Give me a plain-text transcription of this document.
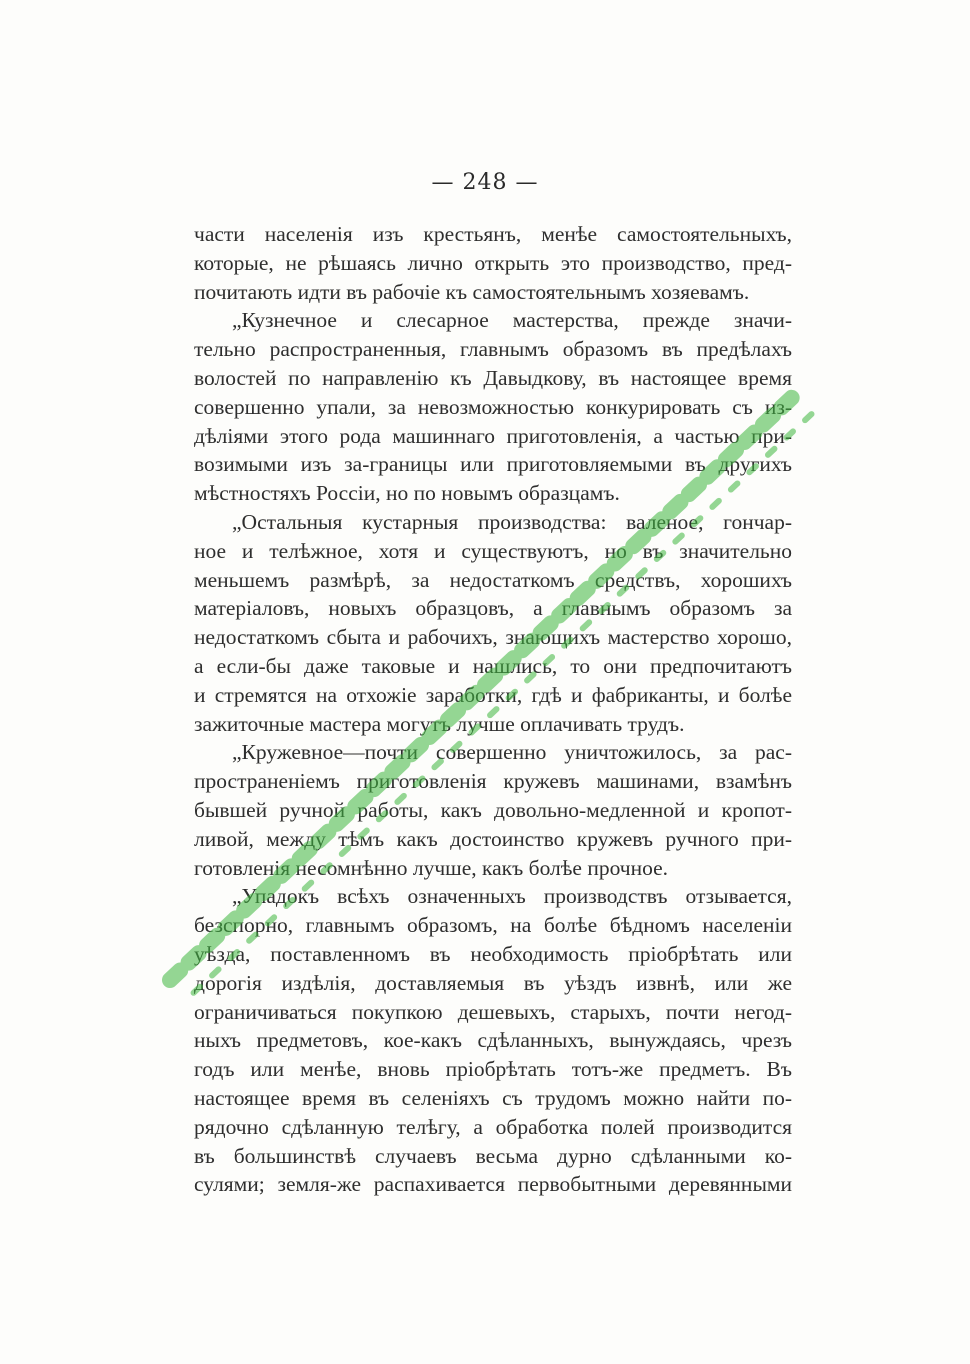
— 248 —
части населенія изъ крестьянъ, менѣе самостоятельныхъ,
которые, не рѣшаясь лично открыть это производство, пред-
почитають идти въ рабочіе къ самостоятельнымъ хозяевамъ.
„Кузнечное и слесарное мастерства, прежде значи-
тельно распространенныя, главнымъ образомъ въ предѣлахъ
волостей по направленію къ Давыдкову, въ настоящее время
совершенно упали, за невозможностью конкурировать съ из-
дѣліями этого рода машиннаго приготовленія, а частью при-
возимыми изъ за-границы или приготовляемыми въ другихъ
мѣстностяхъ Россіи, но по новымъ образцамъ.
„Остальныя кустарныя производства: валеное, гончар-
ное и телѣжное, хотя и существуютъ, но въ значительно
меньшемъ размѣрѣ, за недостаткомъ средствъ, хорошихъ
матеріаловъ, новыхъ образцовъ, а главнымъ образомъ за
недостаткомъ сбыта и рабочихъ, знающихъ мастерство хорошо,
а если-бы даже таковые и нашлись, то они предпочитаютъ
и стремятся на отхожіе заработки, гдѣ и фабриканты, и болѣе
зажиточные мастера могутъ лучше оплачивать трудъ.
„Кружевное—почти совершенно уничтожилось, за рас-
пространеніемъ приготовленія кружевъ машинами, взамѣнъ
бывшей ручной работы, какъ довольно-медленной и кропот-
ливой, между тѣмъ какъ достоинство кружевъ ручного при-
готовленія несомнѣнно лучше, какъ болѣе прочное.
„Упадокъ всѣхъ означенныхъ производствъ отзывается,
безспорно, главнымъ образомъ, на болѣе бѣдномъ населеніи
уѣзда, поставленномъ въ необходимость пріобрѣтать или
дорогія издѣлія, доставляемыя въ уѣздъ извнѣ, или же
ограничиваться покупкою дешевыхъ, старыхъ, почти негод-
ныхъ предметовъ, кое-какъ сдѣланныхъ, вынуждаясь, чрезъ
годъ или менѣе, вновь пріобрѣтать тотъ-же предметъ. Въ
настоящее время въ селеніяхъ съ трудомъ можно найти по-
рядочно сдѣланную телѣгу, а обработка полей производится
въ большинствѣ случаевъ весьма дурно сдѣланными ко-
сулями; земля-же распахивается первобытными деревянными
